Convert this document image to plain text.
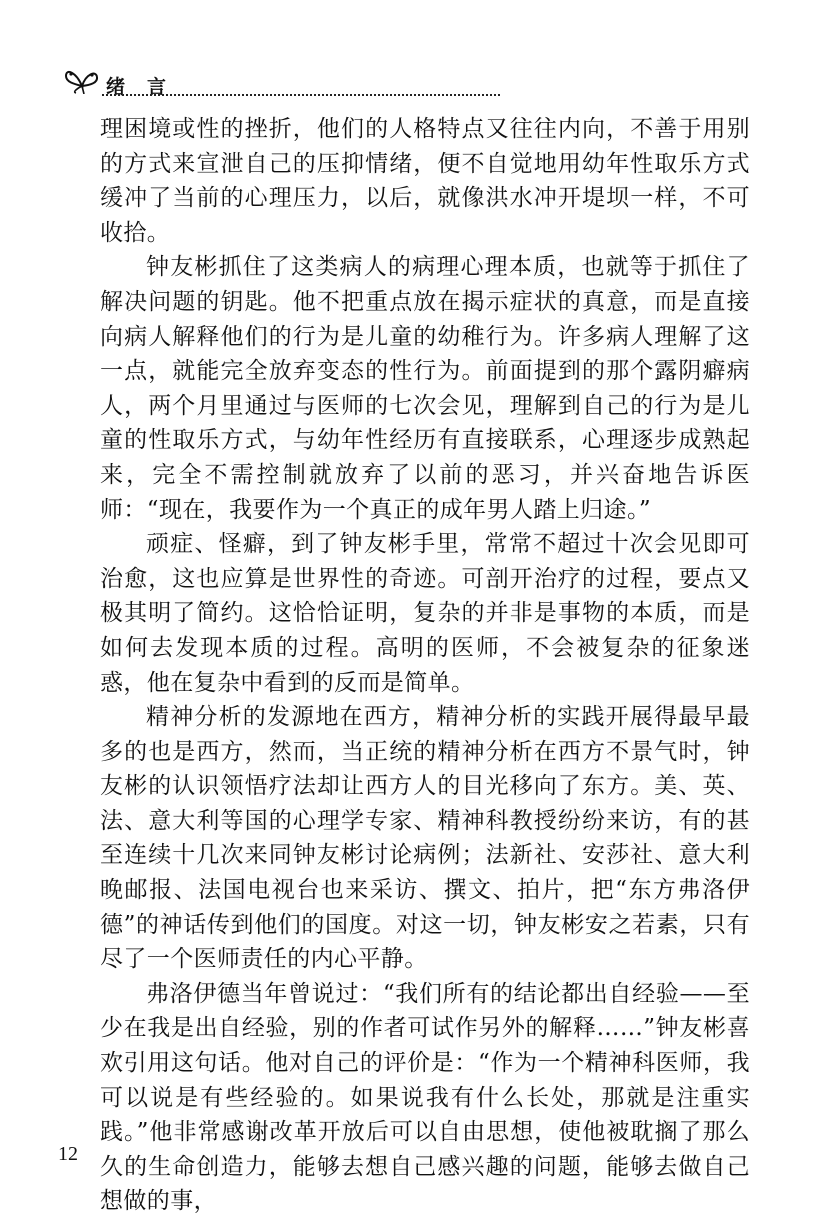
绪言

理困境或性的挫折，他们的人格特点又往往内向，不善于用别的方式来宣泄自己的压抑情绪，便不自觉地用幼年性取乐方式缓冲了当前的心理压力，以后，就像洪水冲开堤坝一样，不可收拾。

钟友彬抓住了这类病人的病理心理本质，也就等于抓住了解决问题的钥匙。他不把重点放在揭示症状的真意，而是直接向病人解释他们的行为是儿童的幼稚行为。许多病人理解了这一点，就能完全放弃变态的性行为。前面提到的那个露阴癖病人，两个月里通过与医师的七次会见，理解到自己的行为是儿童的性取乐方式，与幼年性经历有直接联系，心理逐步成熟起来，完全不需控制就放弃了以前的恶习，并兴奋地告诉医师：“现在，我要作为一个真正的成年男人踏上归途。”

顽症、怪癖，到了钟友彬手里，常常不超过十次会见即可治愈，这也应算是世界性的奇迹。可剖开治疗的过程，要点又极其明了简约。这恰恰证明，复杂的并非是事物的本质，而是如何去发现本质的过程。高明的医师，不会被复杂的征象迷惑，他在复杂中看到的反而是简单。

精神分析的发源地在西方，精神分析的实践开展得最早最多的也是西方，然而，当正统的精神分析在西方不景气时，钟友彬的认识领悟疗法却让西方人的目光移向了东方。美、英、法、意大利等国的心理学专家、精神科教授纷纷来访，有的甚至连续十几次来同钟友彬讨论病例；法新社、安莎社、意大利晚邮报、法国电视台也来采访、撰文、拍片，把“东方弗洛伊德”的神话传到他们的国度。对这一切，钟友彬安之若素，只有尽了一个医师责任的内心平静。

弗洛伊德当年曾说过：“我们所有的结论都出自经验——至少在我是出自经验，别的作者可试作另外的解释……”钟友彬喜欢引用这句话。他对自己的评价是：“作为一个精神科医师，我可以说是有些经验的。如果说我有什么长处，那就是注重实践。”他非常感谢改革开放后可以自由思想，使他被耽搁了那么久的生命创造力，能够去想自己感兴趣的问题，能够去做自己想做的事，

12
